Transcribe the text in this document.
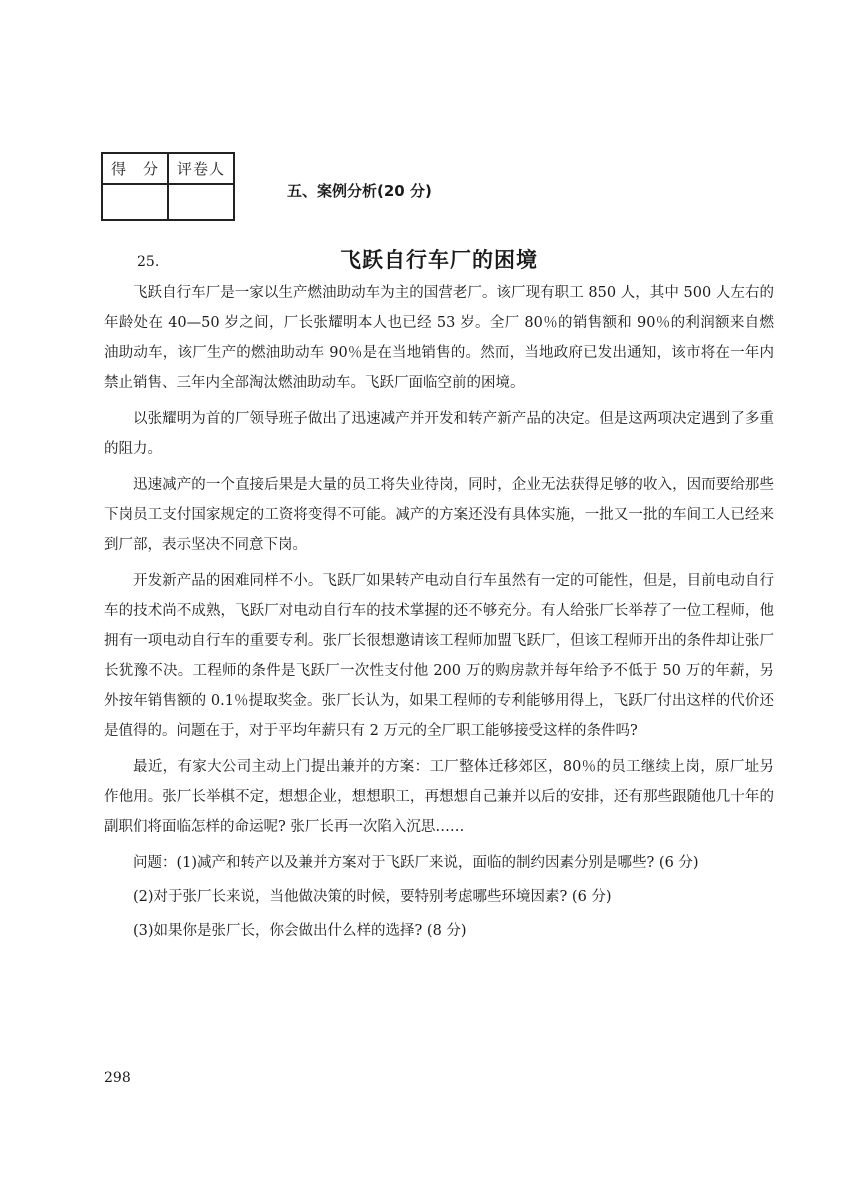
得　分	评卷人

五、案例分析(20 分)
25.	飞跃自行车厂的困境

飞跃自行车厂是一家以生产燃油助动车为主的国营老厂。该厂现有职工 850 人，其中 500 人左右的年龄处在 40—50 岁之间，厂长张耀明本人也已经 53 岁。全厂 80％的销售额和 90％的利润额来自燃油助动车，该厂生产的燃油助动车 90％是在当地销售的。然而，当地政府已发出通知，该市将在一年内禁止销售、三年内全部淘汰燃油助动车。飞跃厂面临空前的困境。

以张耀明为首的厂领导班子做出了迅速减产并开发和转产新产品的决定。但是这两项决定遇到了多重的阻力。

迅速减产的一个直接后果是大量的员工将失业待岗，同时，企业无法获得足够的收入，因而要给那些下岗员工支付国家规定的工资将变得不可能。减产的方案还没有具体实施，一批又一批的车间工人已经来到厂部，表示坚决不同意下岗。

开发新产品的困难同样不小。飞跃厂如果转产电动自行车虽然有一定的可能性，但是，目前电动自行车的技术尚不成熟，飞跃厂对电动自行车的技术掌握的还不够充分。有人给张厂长举荐了一位工程师，他拥有一项电动自行车的重要专利。张厂长很想邀请该工程师加盟飞跃厂，但该工程师开出的条件却让张厂长犹豫不决。工程师的条件是飞跃厂一次性支付他 200 万的购房款并每年给予不低于 50 万的年薪，另外按年销售额的 0.1％提取奖金。张厂长认为，如果工程师的专利能够用得上，飞跃厂付出这样的代价还是值得的。问题在于，对于平均年薪只有 2 万元的全厂职工能够接受这样的条件吗?

最近，有家大公司主动上门提出兼并的方案：工厂整体迁移郊区，80％的员工继续上岗，原厂址另作他用。张厂长举棋不定，想想企业，想想职工，再想想自己兼并以后的安排，还有那些跟随他几十年的副职们将面临怎样的命运呢? 张厂长再一次陷入沉思……

问题：(1)减产和转产以及兼并方案对于飞跃厂来说，面临的制约因素分别是哪些? (6 分)

(2)对于张厂长来说，当他做决策的时候，要特别考虑哪些环境因素? (6 分)

(3)如果你是张厂长，你会做出什么样的选择? (8 分)

298
